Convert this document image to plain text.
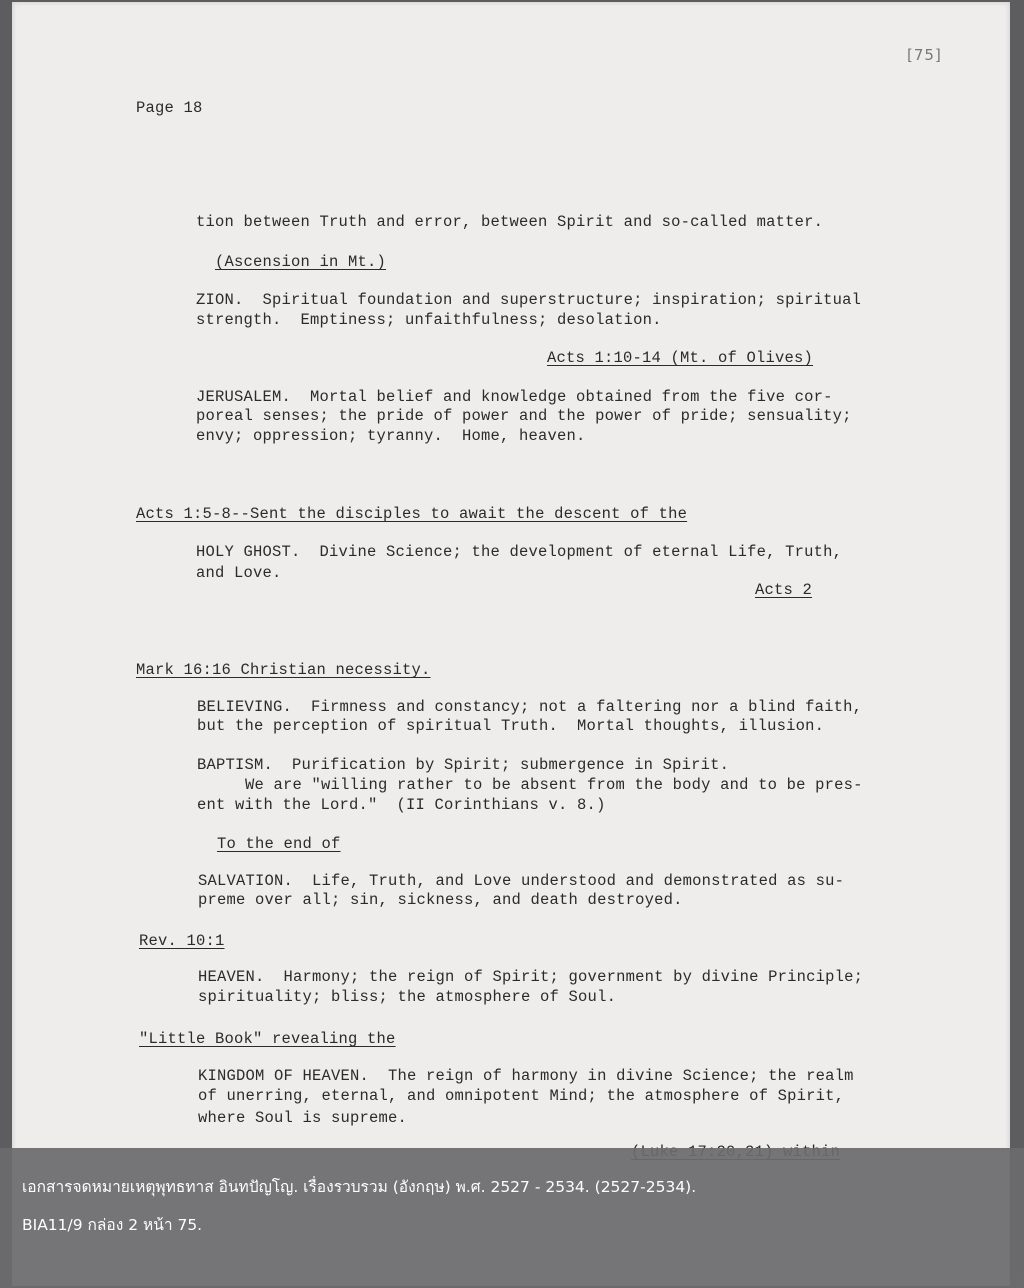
[75]

Page 18

tion between Truth and error, between Spirit and so-called matter.

(Ascension in Mt.)

ZION.  Spiritual foundation and superstructure; inspiration; spiritual

strength.  Emptiness; unfaithfulness; desolation.

Acts 1:10-14 (Mt. of Olives)

JERUSALEM.  Mortal belief and knowledge obtained from the five cor-

poreal senses; the pride of power and the power of pride; sensuality;

envy; oppression; tyranny.  Home, heaven.

Acts 1:5-8--Sent the disciples to await the descent of the

HOLY GHOST.  Divine Science; the development of eternal Life, Truth,

and Love.

Acts 2

Mark 16:16 Christian necessity.

BELIEVING.  Firmness and constancy; not a faltering nor a blind faith,

but the perception of spiritual Truth.  Mortal thoughts, illusion.

BAPTISM.  Purification by Spirit; submergence in Spirit.

We are "willing rather to be absent from the body and to be pres-

ent with the Lord."  (II Corinthians v. 8.)

To the end of

SALVATION.  Life, Truth, and Love understood and demonstrated as su-

preme over all; sin, sickness, and death destroyed.

Rev. 10:1

HEAVEN.  Harmony; the reign of Spirit; government by divine Principle;

spirituality; bliss; the atmosphere of Soul.

"Little Book" revealing the

KINGDOM OF HEAVEN.  The reign of harmony in divine Science; the realm

of unerring, eternal, and omnipotent Mind; the atmosphere of Spirit,

where Soul is supreme.

เอกสารจดหมายเหตุพุทธทาส อินทปัญโญ. เรื่องรวบรวม (อังกฤษ) พ.ศ. 2527 - 2534. (2527-2534).

BIA11/9 กล่อง 2 หน้า 75.
